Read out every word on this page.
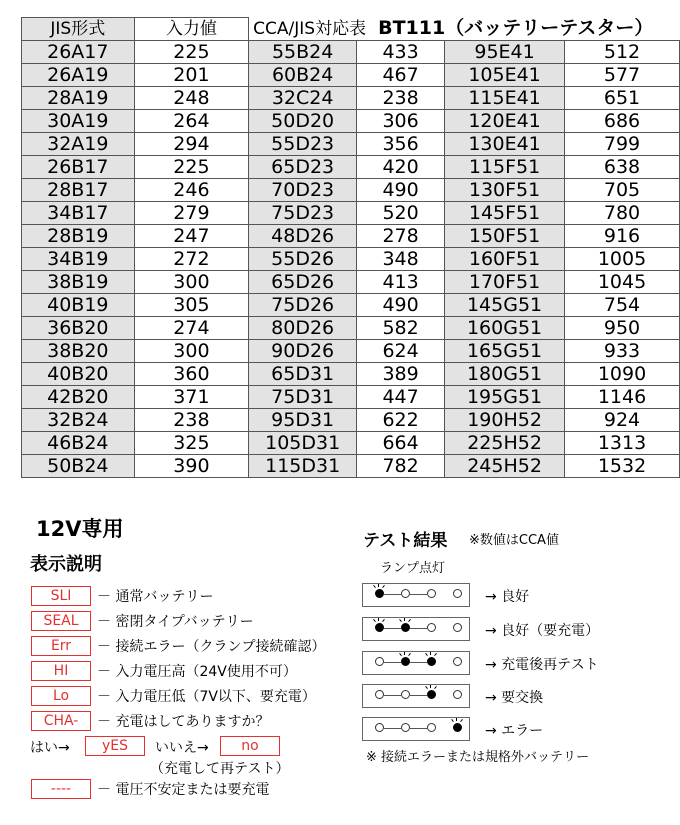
JIS形式	入力値	CCA/JIS対応表 BT111（バッテリーテスター）			
26A17	225	55B24	433	95E41	512
26A19	201	60B24	467	105E41	577
28A19	248	32C24	238	115E41	651
30A19	264	50D20	306	120E41	686
32A19	294	55D23	356	130E41	799
26B17	225	65D23	420	115F51	638
28B17	246	70D23	490	130F51	705
34B17	279	75D23	520	145F51	780
28B19	247	48D26	278	150F51	916
34B19	272	55D26	348	160F51	1005
38B19	300	65D26	413	170F51	1045
40B19	305	75D26	490	145G51	754
36B20	274	80D26	582	160G51	950
38B20	300	90D26	624	165G51	933
40B20	360	65D31	389	180G51	1090
42B20	371	75D31	447	195G51	1146
32B24	238	95D31	622	190H52	924
46B24	325	105D31	664	225H52	1313
50B24	390	115D31	782	245H52	1532
12V専用
表示説明
SLI	－ 通常バッテリー
SEAL	－ 密閉タイプバッテリー
Err	－ 接続エラー（クランプ接続確認）
HI	－ 入力電圧高（24V使用不可）
Lo	－ 入力電圧低（7V以下、要充電）
CHA-	－ 充電はしてありますか？
はい→	yES	いいえ→	no
（充電して再テスト）
----	－ 電圧不安定または要充電
テスト結果 ※数値はCCA値
ランプ点灯
→ 良好
→ 良好（要充電）
→ 充電後再テスト
→ 要交換
→ エラー
※ 接続エラーまたは規格外バッテリー
